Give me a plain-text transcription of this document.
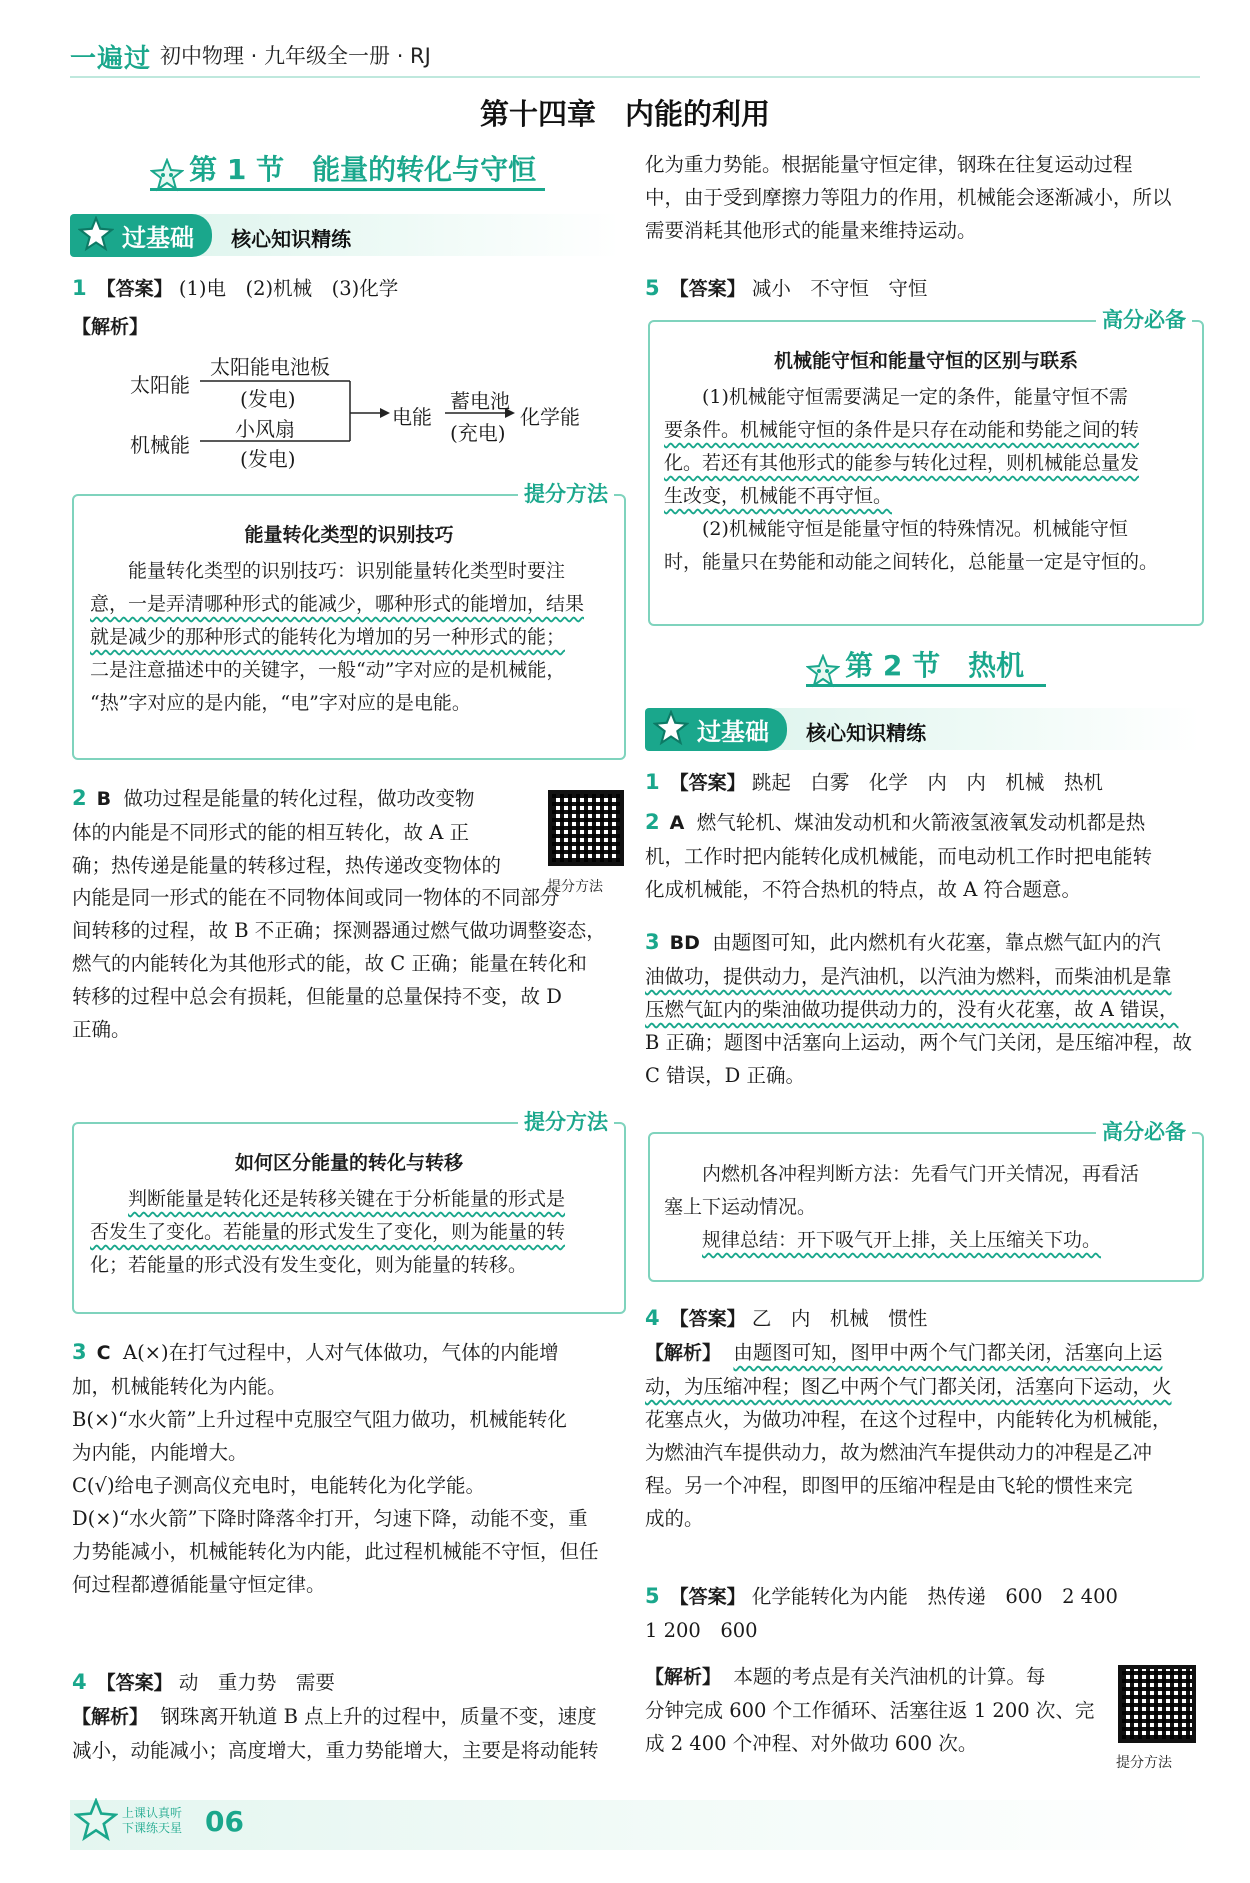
一遍过 初中物理 · 九年级全一册 · RJ
第十四章　内能的利用
第 1 节　能量的转化与守恒
过基础 核心知识精练
1 【答案】 (1)电　(2)机械　(3)化学
【解析】
太阳能
机械能
太阳能电池板
(发电)
小风扇
(发电)
电能
蓄电池
(充电)
化学能
提分方法
能量转化类型的识别技巧
能量转化类型的识别技巧：识别能量转化类型时要注
意，一是弄清哪种形式的能减少，哪种形式的能增加，结果
就是减少的那种形式的能转化为增加的另一种形式的能；
二是注意描述中的关键字，一般“动”字对应的是机械能，
“热”字对应的是内能，“电”字对应的是电能。
2 B 做功过程是能量的转化过程，做功改变物
体的内能是不同形式的能的相互转化，故 A 正
确；热传递是能量的转移过程，热传递改变物体的
内能是同一形式的能在不同物体间或同一物体的不同部分
间转移的过程，故 B 不正确；探测器通过燃气做功调整姿态，
燃气的内能转化为其他形式的能，故 C 正确；能量在转化和
转移的过程中总会有损耗，但能量的总量保持不变，故 D
正确。
提分方法
提分方法
如何区分能量的转化与转移
判断能量是转化还是转移关键在于分析能量的形式是
否发生了变化。若能量的形式发生了变化，则为能量的转
化；若能量的形式没有发生变化，则为能量的转移。
3 C A(×)在打气过程中，人对气体做功，气体的内能增
加，机械能转化为内能。
B(×)“水火箭”上升过程中克服空气阻力做功，机械能转化
为内能，内能增大。
C(√)给电子测高仪充电时，电能转化为化学能。
D(×)“水火箭”下降时降落伞打开，匀速下降，动能不变，重
力势能减小，机械能转化为内能，此过程机械能不守恒，但任
何过程都遵循能量守恒定律。
4 【答案】 动　重力势　需要
【解析】 钢珠离开轨道 B 点上升的过程中，质量不变，速度
减小，动能减小；高度增大，重力势能增大，主要是将动能转
化为重力势能。根据能量守恒定律，钢珠在往复运动过程
中，由于受到摩擦力等阻力的作用，机械能会逐渐减小，所以
需要消耗其他形式的能量来维持运动。
5 【答案】 减小　不守恒　守恒
高分必备
机械能守恒和能量守恒的区别与联系
(1)机械能守恒需要满足一定的条件，能量守恒不需
要条件。机械能守恒的条件是只存在动能和势能之间的转
化。若还有其他形式的能参与转化过程，则机械能总量发
生改变，机械能不再守恒。
(2)机械能守恒是能量守恒的特殊情况。机械能守恒
时，能量只在势能和动能之间转化，总能量一定是守恒的。
第 2 节　热机
过基础 核心知识精练
1 【答案】 跳起　白雾　化学　内　内　机械　热机
2 A 燃气轮机、煤油发动机和火箭液氢液氧发动机都是热
机，工作时把内能转化成机械能，而电动机工作时把电能转
化成机械能，不符合热机的特点，故 A 符合题意。
3 BD 由题图可知，此内燃机有火花塞，靠点燃气缸内的汽
油做功，提供动力，是汽油机，以汽油为燃料，而柴油机是靠
压燃气缸内的柴油做功提供动力的，没有火花塞，故 A 错误，
B 正确；题图中活塞向上运动，两个气门关闭，是压缩冲程，故
C 错误，D 正确。
高分必备
内燃机各冲程判断方法：先看气门开关情况，再看活
塞上下运动情况。
规律总结：开下吸气开上排，关上压缩关下功。
4 【答案】 乙　内　机械　惯性
【解析】 由题图可知，图甲中两个气门都关闭，活塞向上运
动，为压缩冲程；图乙中两个气门都关闭，活塞向下运动，火
花塞点火，为做功冲程，在这个过程中，内能转化为机械能，
为燃油汽车提供动力，故为燃油汽车提供动力的冲程是乙冲
程。另一个冲程，即图甲的压缩冲程是由飞轮的惯性来完
成的。
5 【答案】 化学能转化为内能　热传递　600　2 400
1 200　600
【解析】 本题的考点是有关汽油机的计算。每
分钟完成 600 个工作循环、活塞往返 1 200 次、完
成 2 400 个冲程、对外做功 600 次。
提分方法
上课认真听
下课练天星 06
